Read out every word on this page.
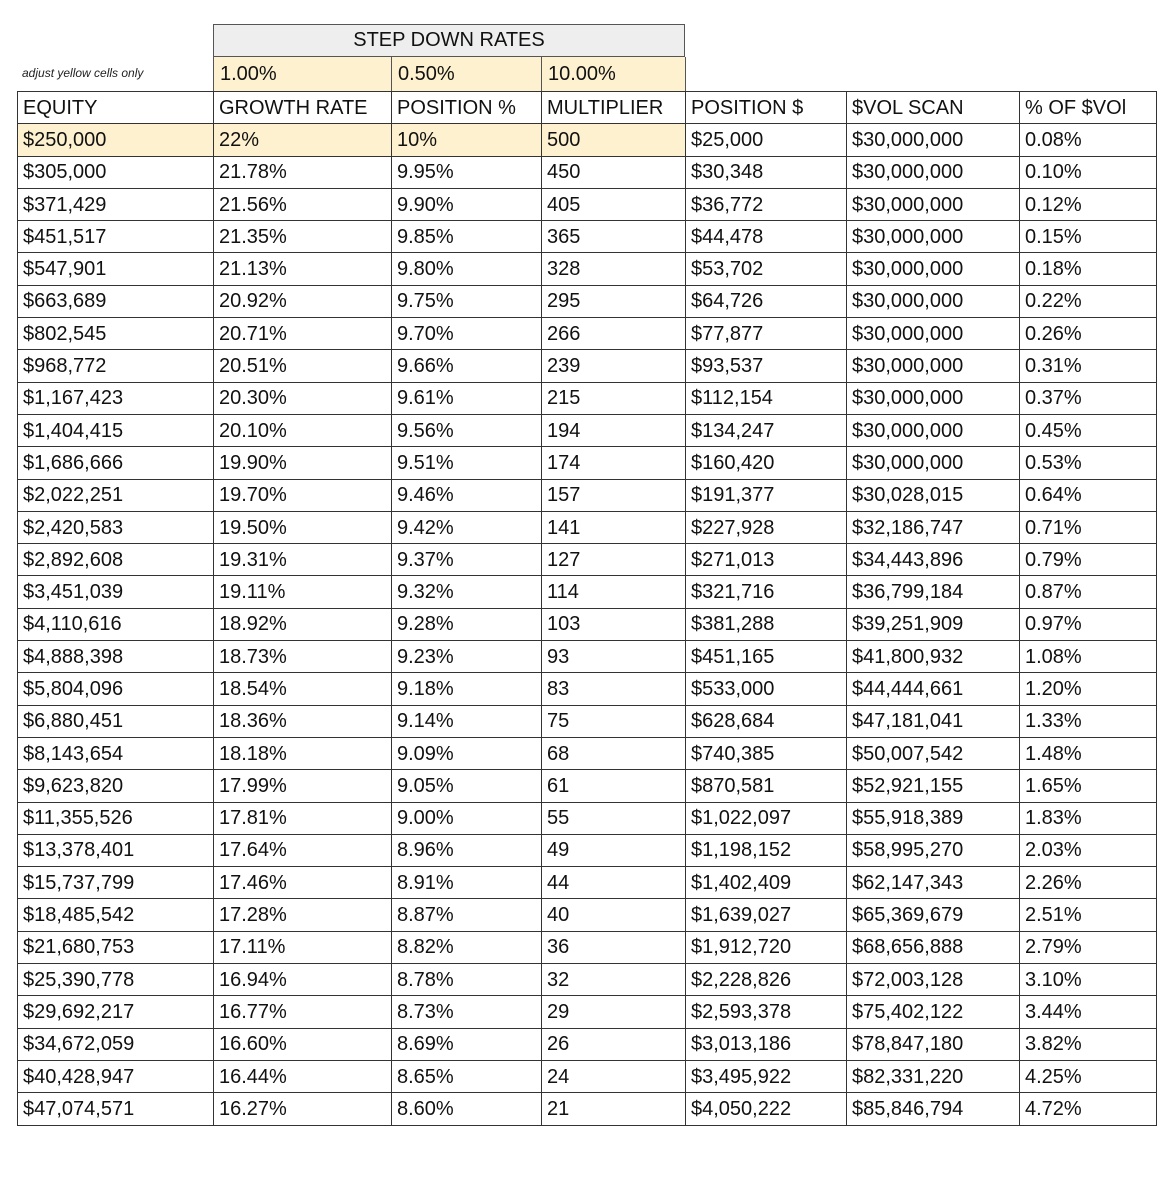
STEP DOWN RATES
adjust yellow cells only	1.00%	0.50%	10.00%
EQUITY	GROWTH RATE	POSITION %	MULTIPLIER	POSITION $	$VOL SCAN	% OF $VOl
$250,000	22%	10%	500	$25,000	$30,000,000	0.08%
$305,000	21.78%	9.95%	450	$30,348	$30,000,000	0.10%
$371,429	21.56%	9.90%	405	$36,772	$30,000,000	0.12%
$451,517	21.35%	9.85%	365	$44,478	$30,000,000	0.15%
$547,901	21.13%	9.80%	328	$53,702	$30,000,000	0.18%
$663,689	20.92%	9.75%	295	$64,726	$30,000,000	0.22%
$802,545	20.71%	9.70%	266	$77,877	$30,000,000	0.26%
$968,772	20.51%	9.66%	239	$93,537	$30,000,000	0.31%
$1,167,423	20.30%	9.61%	215	$112,154	$30,000,000	0.37%
$1,404,415	20.10%	9.56%	194	$134,247	$30,000,000	0.45%
$1,686,666	19.90%	9.51%	174	$160,420	$30,000,000	0.53%
$2,022,251	19.70%	9.46%	157	$191,377	$30,028,015	0.64%
$2,420,583	19.50%	9.42%	141	$227,928	$32,186,747	0.71%
$2,892,608	19.31%	9.37%	127	$271,013	$34,443,896	0.79%
$3,451,039	19.11%	9.32%	114	$321,716	$36,799,184	0.87%
$4,110,616	18.92%	9.28%	103	$381,288	$39,251,909	0.97%
$4,888,398	18.73%	9.23%	93	$451,165	$41,800,932	1.08%
$5,804,096	18.54%	9.18%	83	$533,000	$44,444,661	1.20%
$6,880,451	18.36%	9.14%	75	$628,684	$47,181,041	1.33%
$8,143,654	18.18%	9.09%	68	$740,385	$50,007,542	1.48%
$9,623,820	17.99%	9.05%	61	$870,581	$52,921,155	1.65%
$11,355,526	17.81%	9.00%	55	$1,022,097	$55,918,389	1.83%
$13,378,401	17.64%	8.96%	49	$1,198,152	$58,995,270	2.03%
$15,737,799	17.46%	8.91%	44	$1,402,409	$62,147,343	2.26%
$18,485,542	17.28%	8.87%	40	$1,639,027	$65,369,679	2.51%
$21,680,753	17.11%	8.82%	36	$1,912,720	$68,656,888	2.79%
$25,390,778	16.94%	8.78%	32	$2,228,826	$72,003,128	3.10%
$29,692,217	16.77%	8.73%	29	$2,593,378	$75,402,122	3.44%
$34,672,059	16.60%	8.69%	26	$3,013,186	$78,847,180	3.82%
$40,428,947	16.44%	8.65%	24	$3,495,922	$82,331,220	4.25%
$47,074,571	16.27%	8.60%	21	$4,050,222	$85,846,794	4.72%
